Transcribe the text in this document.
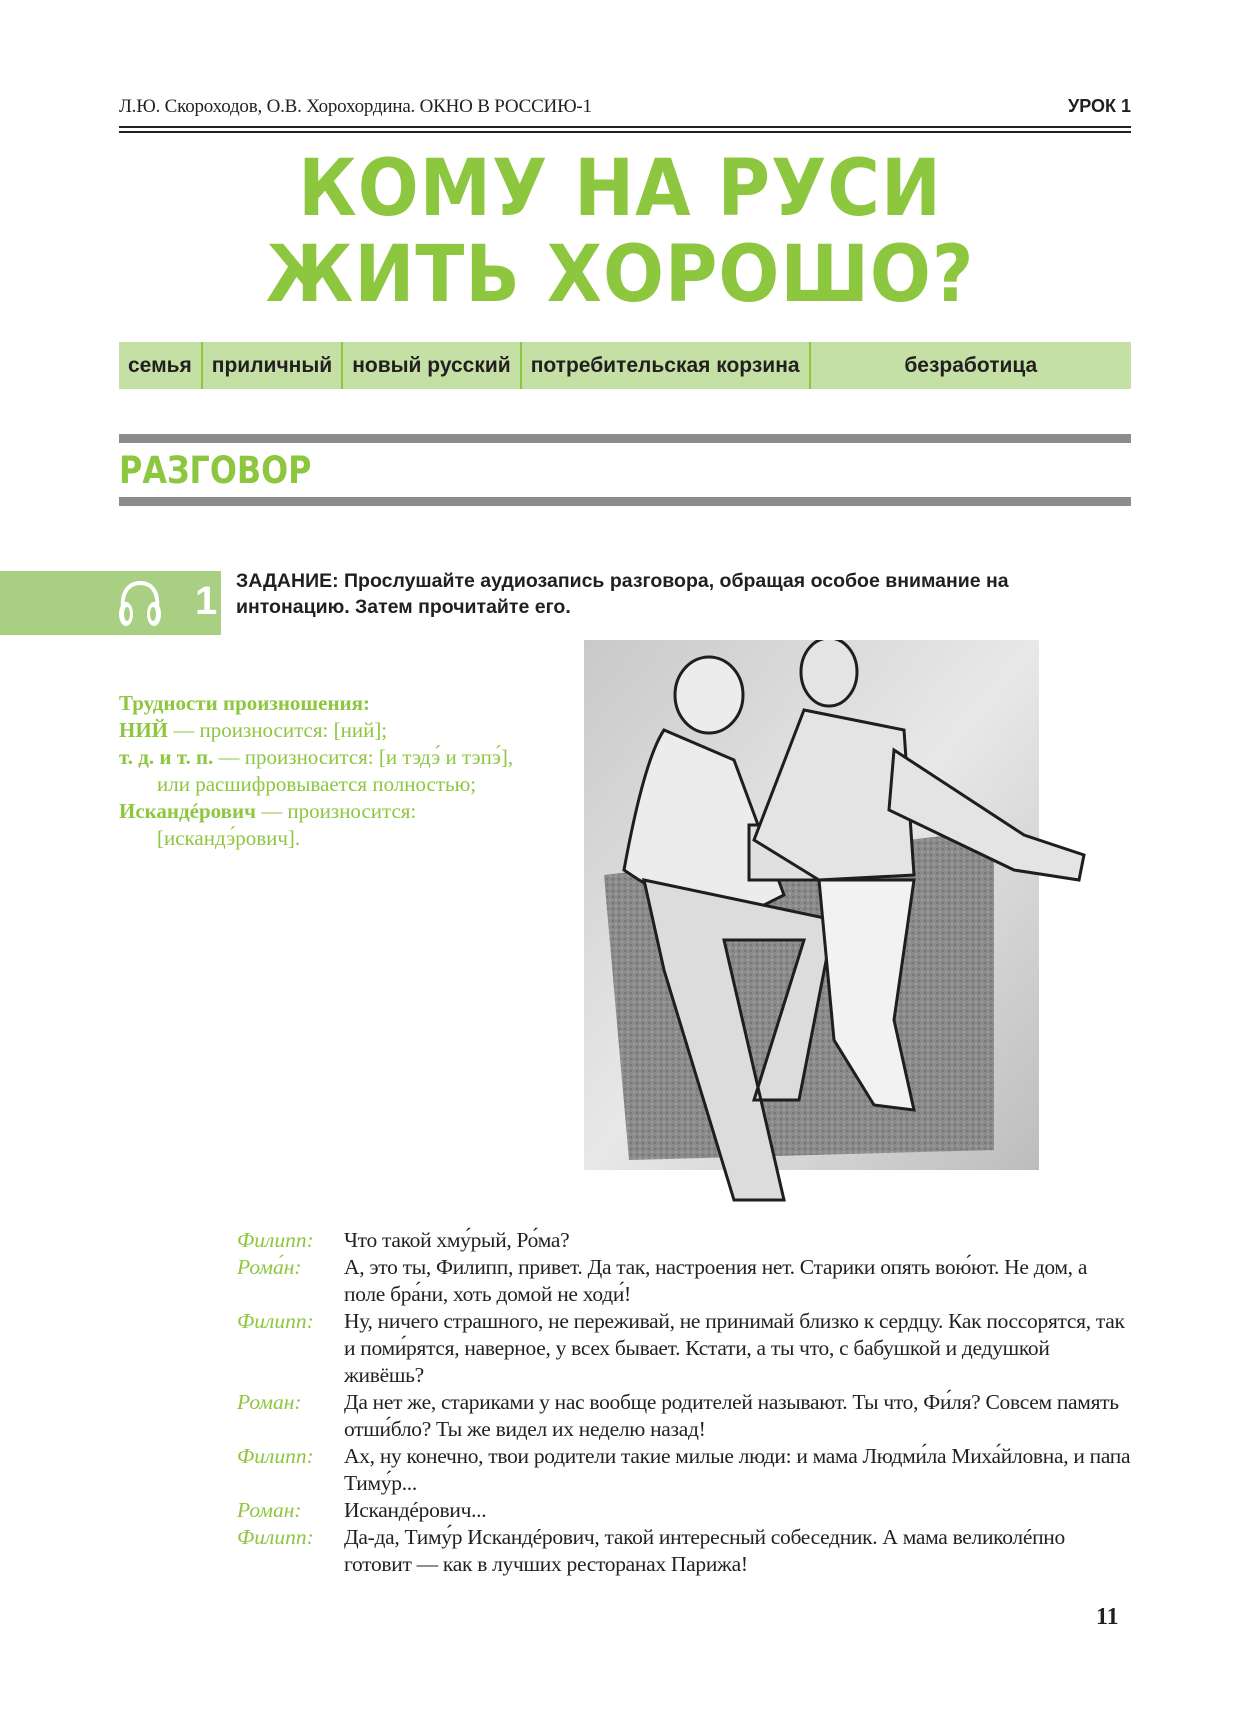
Л.Ю. Скороходов, О.В. Хорохордина. ОКНО В РОССИЮ-1	УРОК 1
КОМУ НА РУСИ
ЖИТЬ ХОРОШО?
семья приличный новый русский потребительская корзина	безработица
РАЗГОВОР
1 ЗАДАНИЕ: Прослушайте аудиозапись разговора, обращая особое внимание на интонацию. Затем прочитайте его.

Трудности произношения:

НИЙ — произносится: [ний];

т. д. и т. п. — произносится: [и тэдэ́ и тэпэ́], или расшифровывается полностью;

Искандéрович — произносится: [искандэ́рович].

Филипп:	Что такой хму́рый, Ро́ма?
Рома́н:	А, это ты, Филипп, привет. Да так, настроения нет. Старики опять вою́ют. Не дом, а поле бра́ни, хоть домой не ходи́!
Филипп:	Ну, ничего страшного, не переживай, не принимай близко к сердцу. Как поссорятся, так и поми́рятся, наверное, у всех бывает. Кстати, а ты что, с бабушкой и дедушкой живёшь?
Роман:	Да нет же, стариками у нас вообще родителей называют. Ты что, Фи́ля? Совсем память отши́бло? Ты же видел их неделю назад!
Филипп:	Ах, ну конечно, твои родители такие милые люди: и мама Людми́ла Миха́йловна, и папа Тиму́р...
Роман:	Искандéрович...
Филипп:	Да-да, Тиму́р Искандéрович, такой интересный собеседник. А мама великолéпно готовит — как в лучших ресторанах Парижа!
11
